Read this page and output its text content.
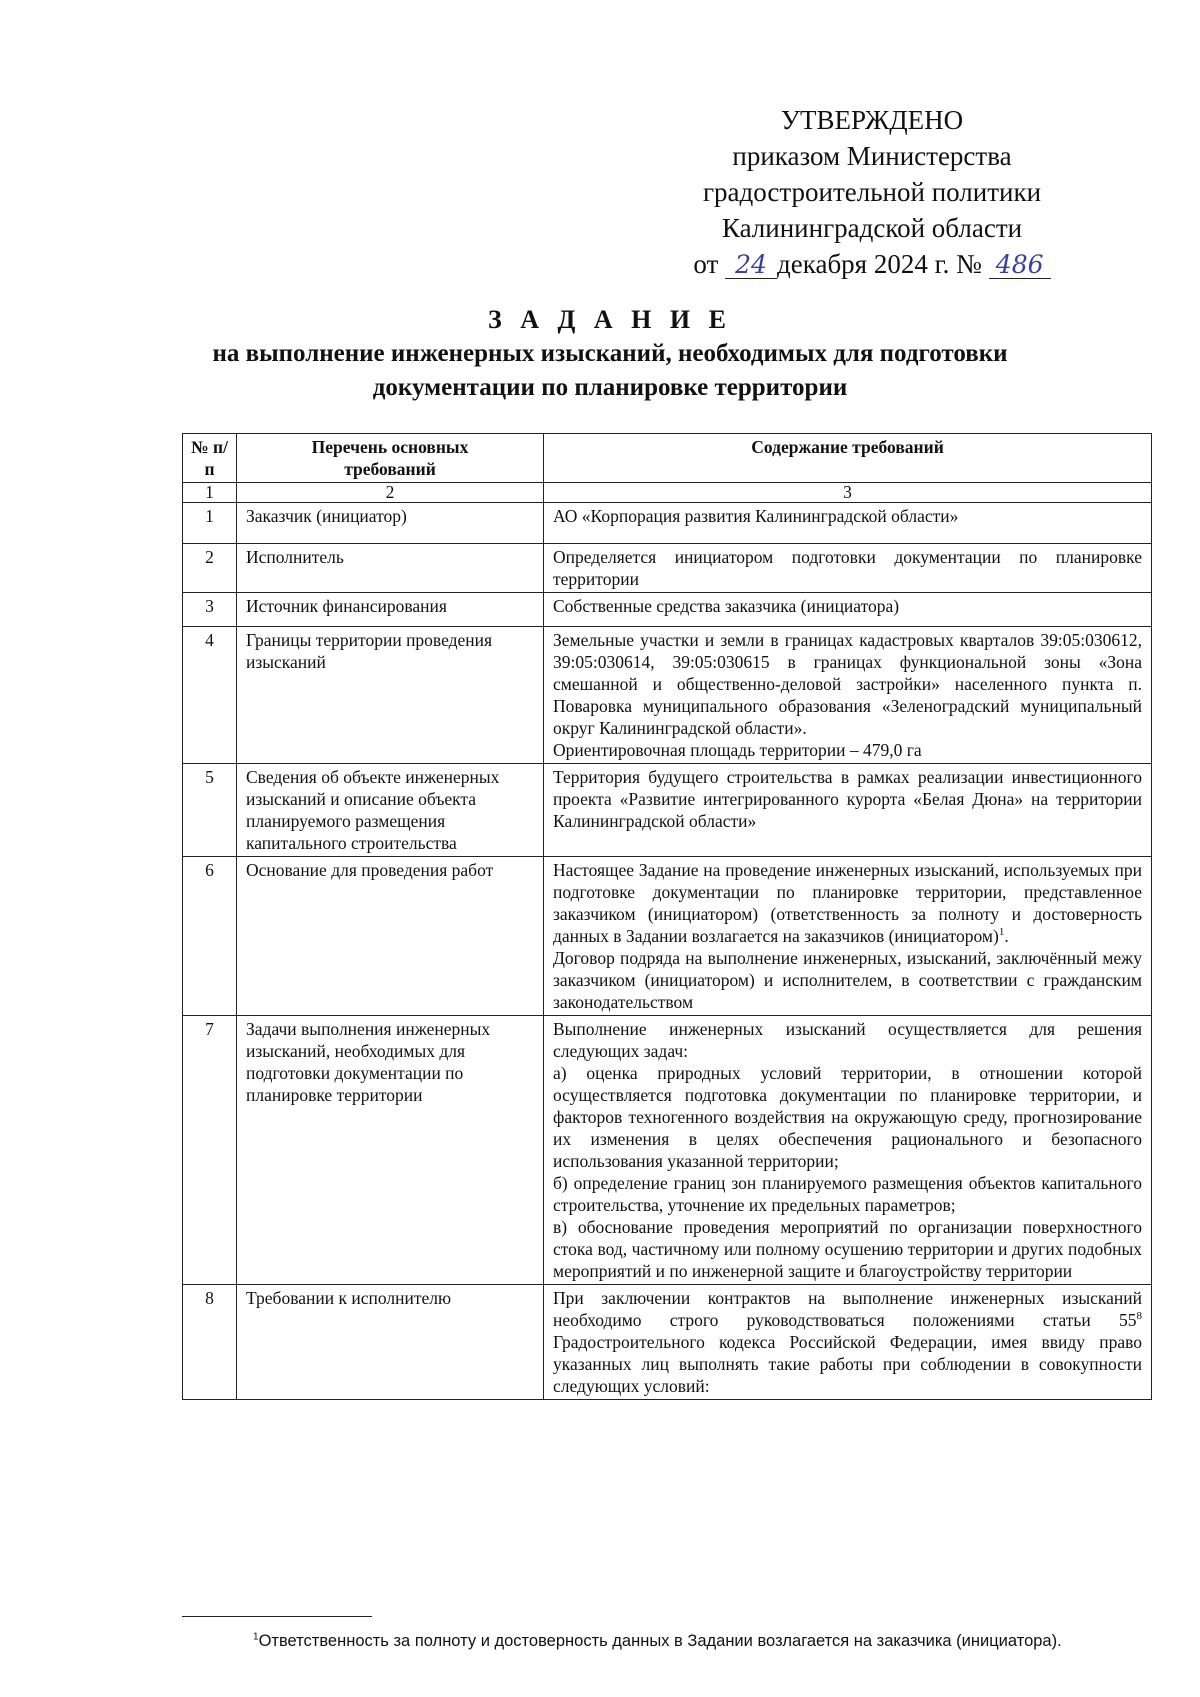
УТВЕРЖДЕНО
приказом Министерства
градостроительной политики
Калининградской области
от 24 декабря 2024 г. № 486
З А Д А Н И Е
на выполнение инженерных изысканий, необходимых для подготовки
документации по планировке территории
№ п/п	Перечень основных требований	Содержание требований
1	2	3
1	Заказчик (инициатор)	АО «Корпорация развития Калининградской области»

2	Исполнитель	Определяется инициатором подготовки документации по планировке территории

3	Источник финансирования	Собственные средства заказчика (инициатора)

4	Границы территории проведения изысканий	Земельные участки и земли в границах кадастровых кварталов 39:05:030612, 39:05:030614, 39:05:030615 в границах функциональной зоны «Зона смешанной и общественно-деловой застройки» населенного пункта п. Поваровка муниципального образования «Зеленоградский муниципальный округ Калининградской области».
Ориентировочная площадь территории – 479,0 га

5	Сведения об объекте инженерных изысканий и описание объекта планируемого размещения капитального строительства	Территория будущего строительства в рамках реализации инвестиционного проекта «Развитие интегрированного курорта «Белая Дюна» на территории Калининградской области»

6	Основание для проведения работ	Настоящее Задание на проведение инженерных изысканий, используемых при подготовке документации по планировке территории, представленное заказчиком (инициатором) (ответственность за полноту и достоверность данных в Задании возлагается на заказчиков (инициатором)$^1$.
Договор подряда на выполнение инженерных, изысканий, заключённый межу заказчиком (инициатором) и исполнителем, в соответствии с гражданским законодательством

7	Задачи выполнения инженерных изысканий, необходимых для подготовки документации по планировке территории	Выполнение инженерных изысканий осуществляется для решения следующих задач:
а) оценка природных условий территории, в отношении которой осуществляется подготовка документации по планировке территории, и факторов техногенного воздействия на окружающую среду, прогнозирование их изменения в целях обеспечения рационального и безопасного использования указанной территории;
б) определение границ зон планируемого размещения объектов капитального строительства, уточнение их предельных параметров;
в) обоснование проведения мероприятий по организации поверхностного стока вод, частичному или полному осушению территории и других подобных мероприятий и по инженерной защите и благоустройству территории

8	Требовании к исполнителю	При заключении контрактов на выполнение инженерных изысканий необходимо строго руководствоваться положениями статьи $55^8$ Градостроительного кодекса Российской Федерации, имея ввиду право указанных лиц выполнять такие работы при соблюдении в совокупности следующих условий:
$^1$Ответственность за полноту и достоверность данных в Задании возлагается на заказчика (инициатора).
